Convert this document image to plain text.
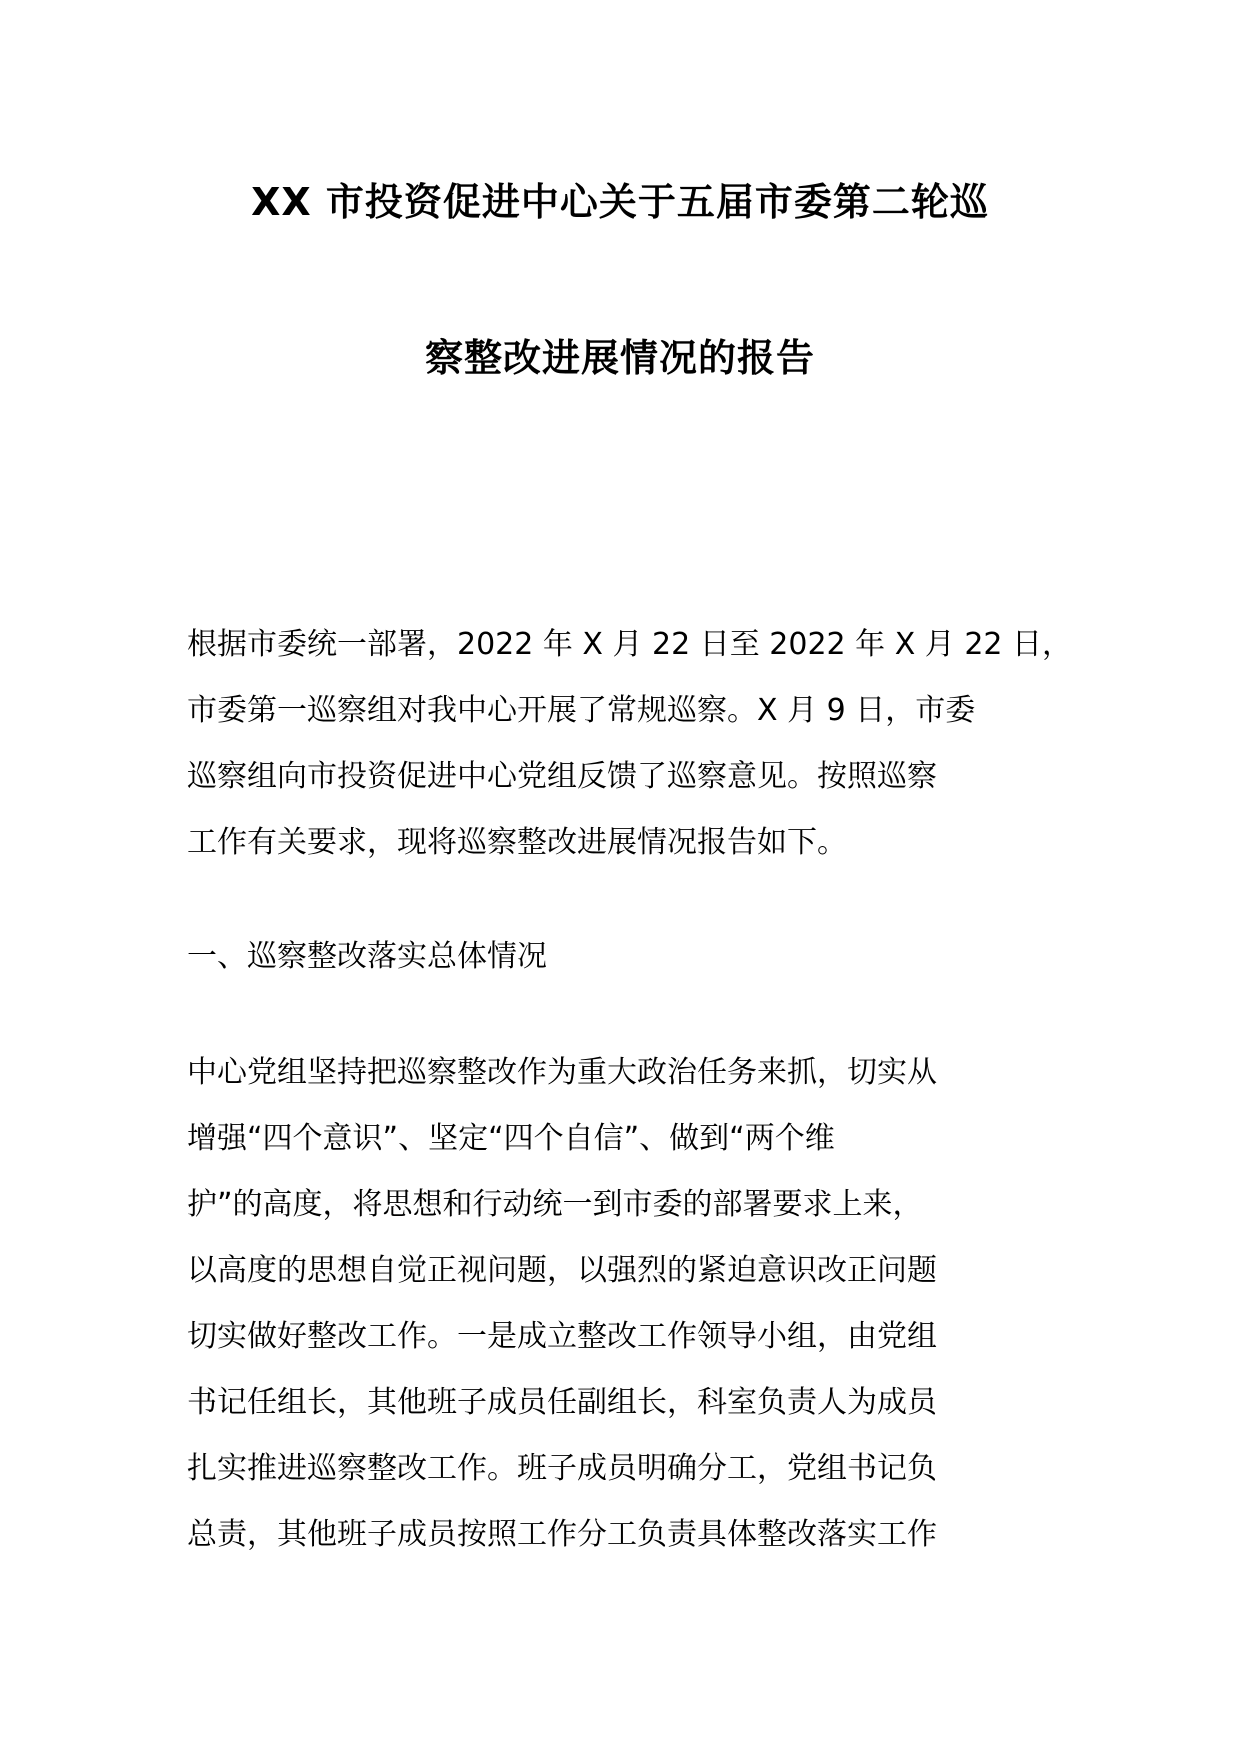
XX 市投资促进中心关于五届市委第二轮巡

察整改进展情况的报告

根据市委统一部署，2022 年 X 月 22 日至 2022 年 X 月 22 日，

市委第一巡察组对我中心开展了常规巡察。X 月 9 日，市委

巡察组向市投资促进中心党组反馈了巡察意见。按照巡察

工作有关要求，现将巡察整改进展情况报告如下。

一、巡察整改落实总体情况

中心党组坚持把巡察整改作为重大政治任务来抓，切实从

增强“四个意识”、坚定“四个自信”、做到“两个维

护”的高度，将思想和行动统一到市委的部署要求上来，

以高度的思想自觉正视问题，以强烈的紧迫意识改正问题

切实做好整改工作。一是成立整改工作领导小组，由党组

书记任组长，其他班子成员任副组长，科室负责人为成员

扎实推进巡察整改工作。班子成员明确分工，党组书记负

总责，其他班子成员按照工作分工负责具体整改落实工作
